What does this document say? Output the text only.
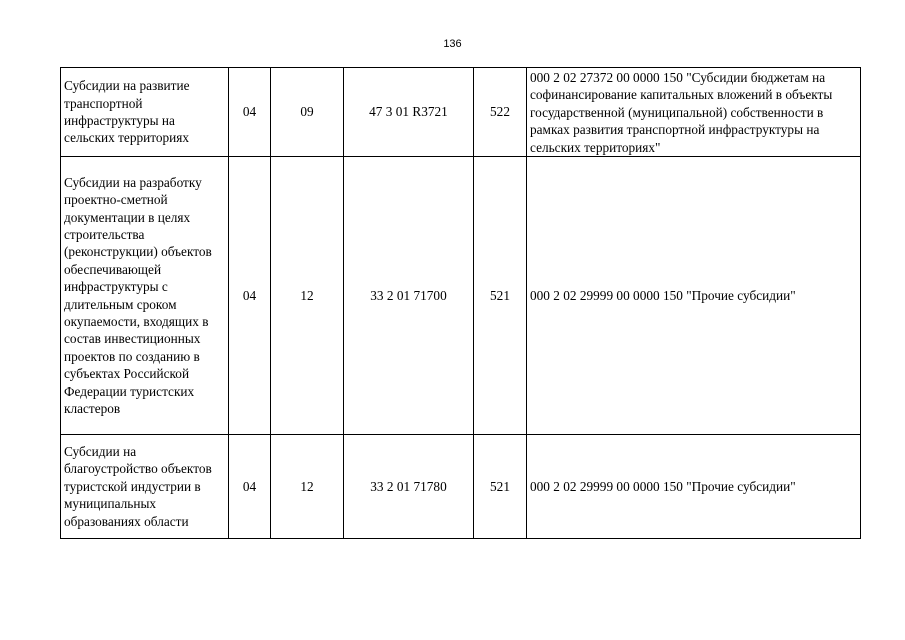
136
Субсидии на развитие транспортной инфраструктуры на сельских территориях	04	09	47 3 01 R3721	522	000 2 02 27372 00 0000 150 "Субсидии бюджетам на софинансирование капитальных вложений в объекты государственной (муниципальной) собственности в рамках развития транспортной инфраструктуры на сельских территориях"
Субсидии на разработку проектно-сметной документации в целях строительства (реконструкции) объектов обеспечивающей инфраструктуры с длительным сроком окупаемости, входящих в состав инвестиционных проектов по созданию в субъектах Российской Федерации туристских кластеров	04	12	33 2 01 71700	521	000 2 02 29999 00 0000 150 "Прочие субсидии"
Субсидии на благоустройство объектов туристской индустрии в муниципальных образованиях области	04	12	33 2 01 71780	521	000 2 02 29999 00 0000 150 "Прочие субсидии"
